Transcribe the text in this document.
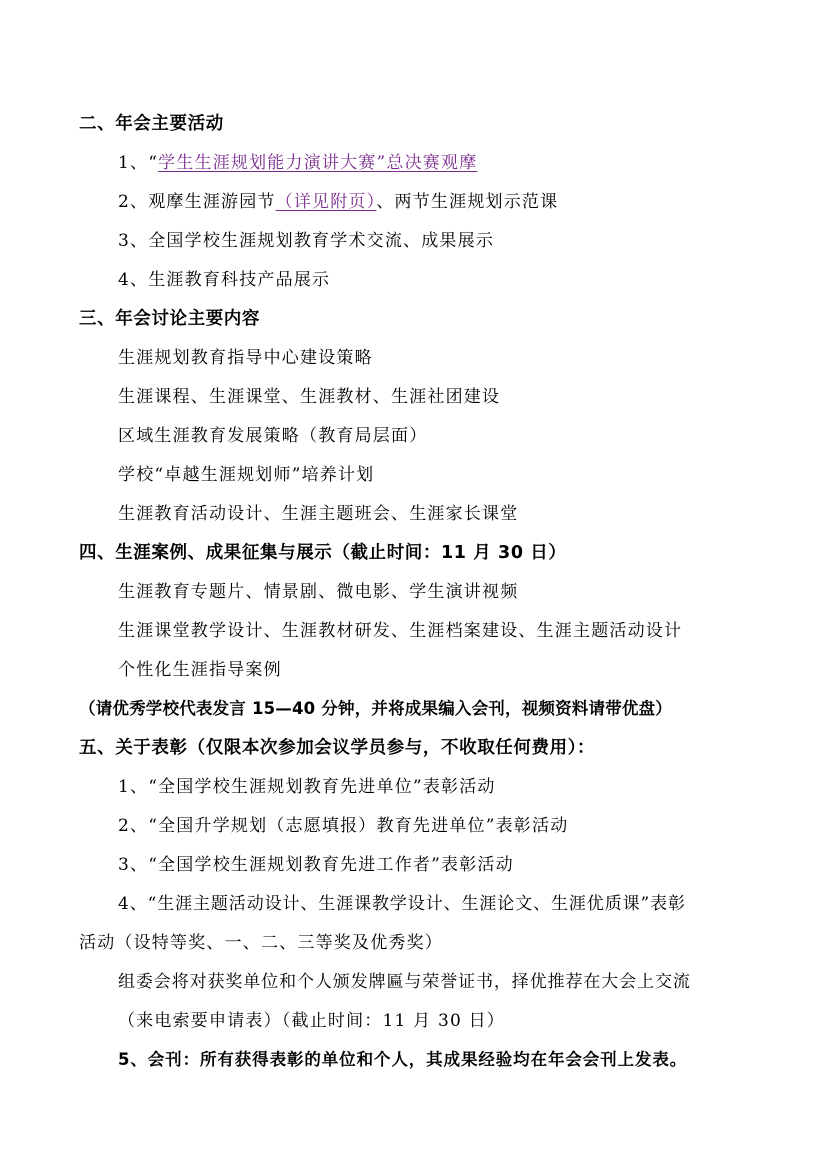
二、年会主要活动
1、“学生生涯规划能力演讲大赛”总决赛观摩
2、观摩生涯游园节（详见附页）、两节生涯规划示范课
3、全国学校生涯规划教育学术交流、成果展示
4、生涯教育科技产品展示
三、年会讨论主要内容
生涯规划教育指导中心建设策略
生涯课程、生涯课堂、生涯教材、生涯社团建设
区域生涯教育发展策略（教育局层面）
学校“卓越生涯规划师”培养计划
生涯教育活动设计、生涯主题班会、生涯家长课堂
四、生涯案例、成果征集与展示（截止时间：11 月 30 日）
生涯教育专题片、情景剧、微电影、学生演讲视频
生涯课堂教学设计、生涯教材研发、生涯档案建设、生涯主题活动设计
个性化生涯指导案例
（请优秀学校代表发言 15—40 分钟，并将成果编入会刊，视频资料请带优盘）
五、关于表彰（仅限本次参加会议学员参与，不收取任何费用）：
1、“全国学校生涯规划教育先进单位”表彰活动
2、“全国升学规划（志愿填报）教育先进单位”表彰活动
3、“全国学校生涯规划教育先进工作者”表彰活动
4、“生涯主题活动设计、生涯课教学设计、生涯论文、生涯优质课”表彰
活动（设特等奖、一、二、三等奖及优秀奖）
组委会将对获奖单位和个人颁发牌匾与荣誉证书，择优推荐在大会上交流
（来电索要申请表）（截止时间：11 月 30 日）
5、会刊：所有获得表彰的单位和个人，其成果经验均在年会会刊上发表。
